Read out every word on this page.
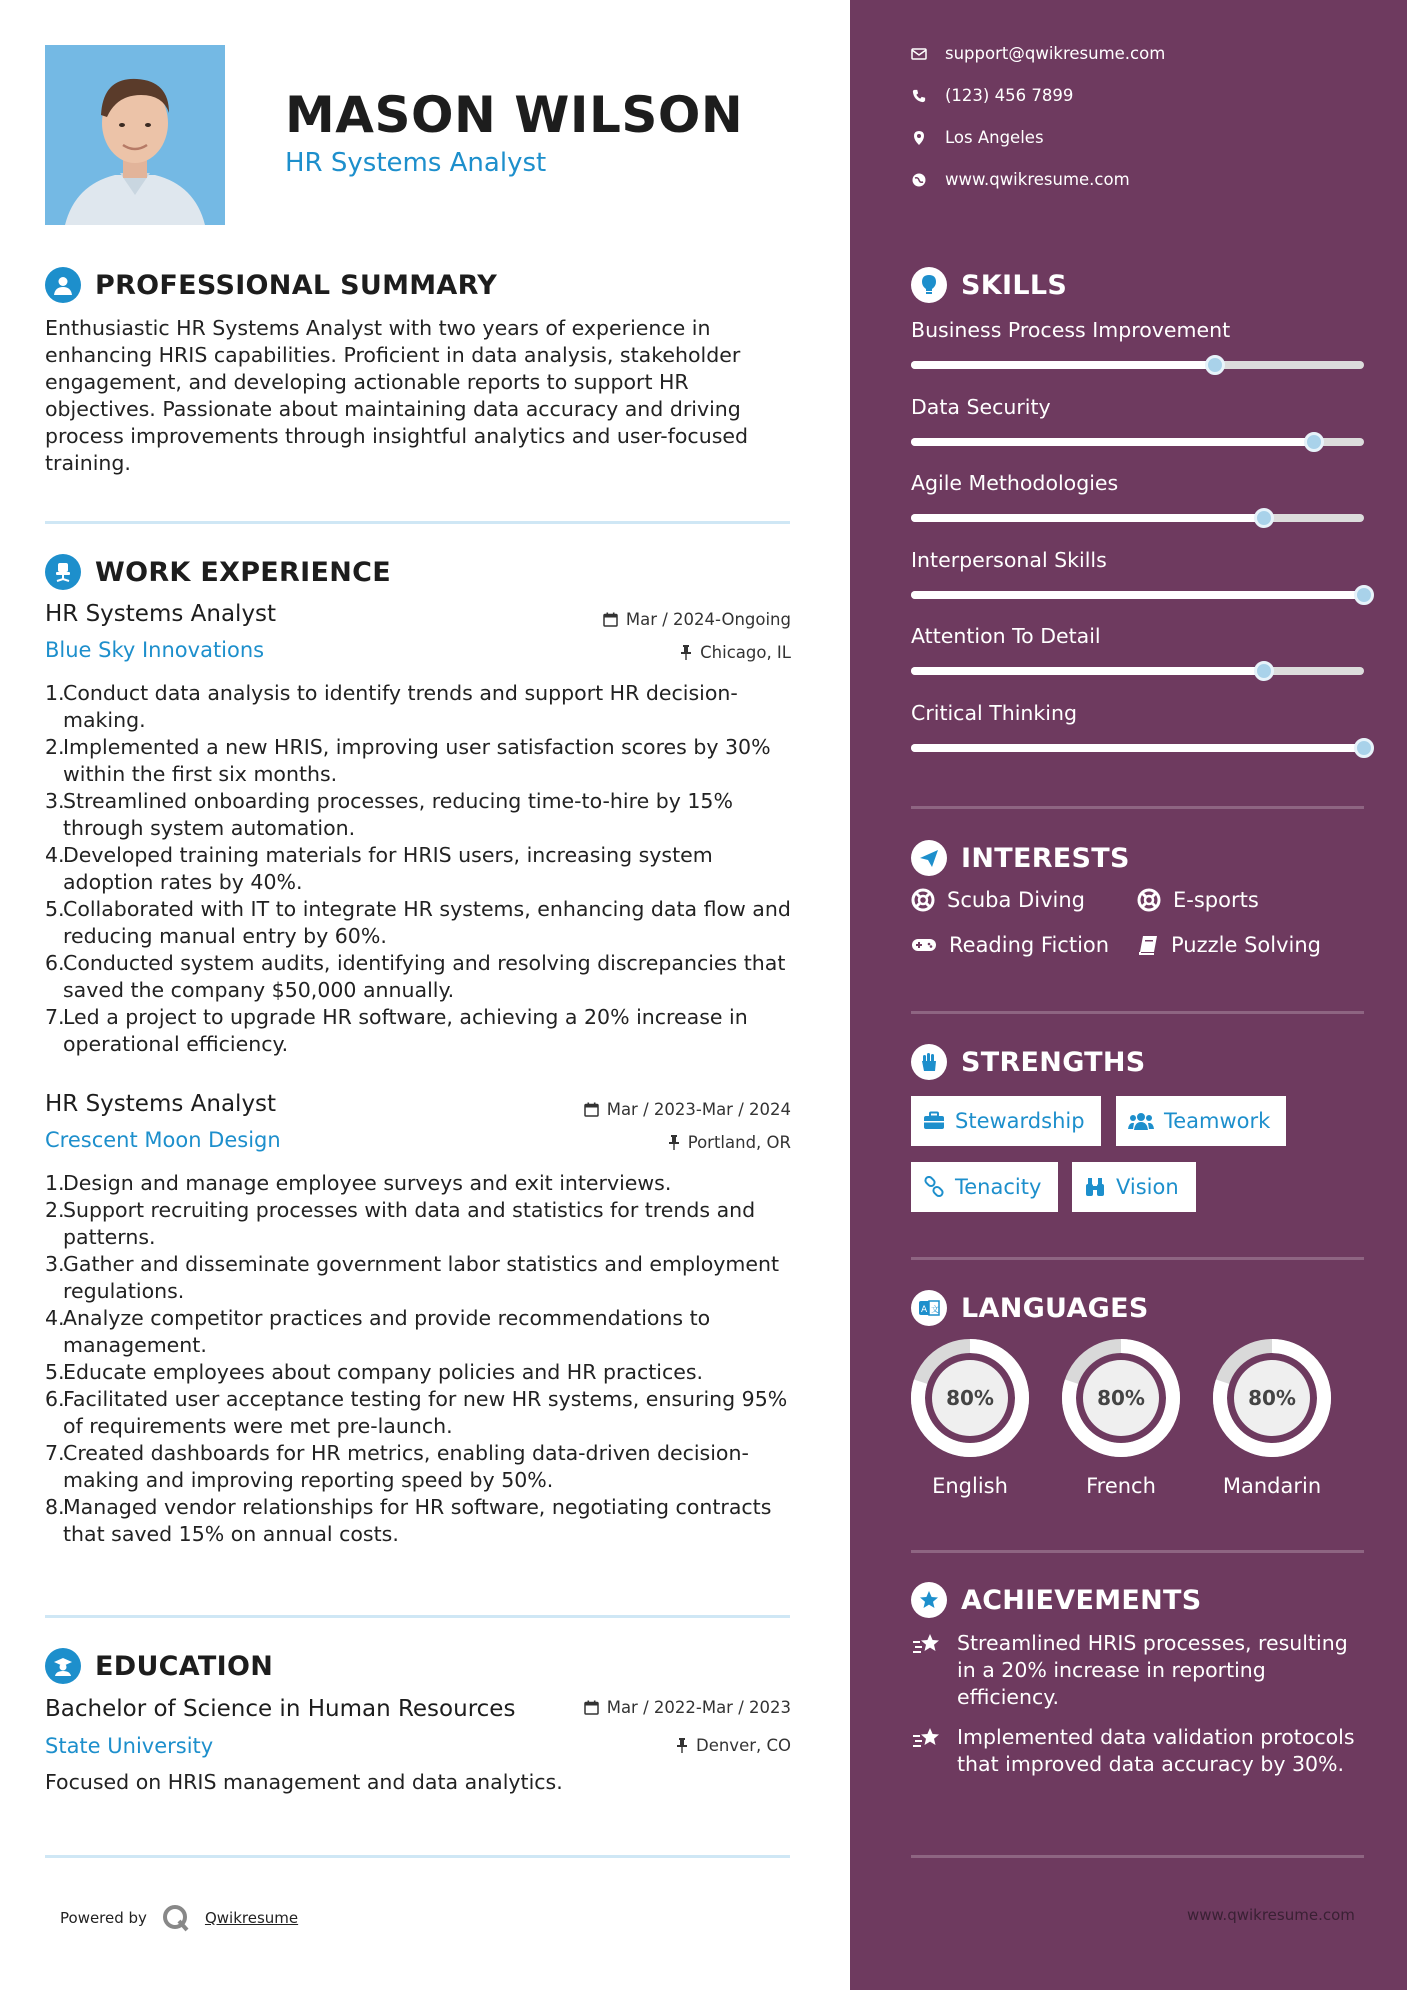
MASON WILSON
HR Systems Analyst
PROFESSIONAL SUMMARY
Enthusiastic HR Systems Analyst with two years of experience in enhancing HRIS capabilities. Proficient in data analysis, stakeholder engagement, and developing actionable reports to support HR objectives. Passionate about maintaining data accuracy and driving process improvements through insightful analytics and user-focused training.
WORK EXPERIENCE
HR Systems Analyst	Mar / 2024-Ongoing
Blue Sky Innovations	Chicago, IL
1.
Conduct data analysis to identify trends and support HR decision-making.
2.
Implemented a new HRIS, improving user satisfaction scores by 30% within the first six months.
3.
Streamlined onboarding processes, reducing time-to-hire by 15% through system automation.
4.
Developed training materials for HRIS users, increasing system adoption rates by 40%.
5.
Collaborated with IT to integrate HR systems, enhancing data flow and reducing manual entry by 60%.
6.
Conducted system audits, identifying and resolving discrepancies that saved the company $50,000 annually.
7.
Led a project to upgrade HR software, achieving a 20% increase in operational efficiency.
HR Systems Analyst	Mar / 2023-Mar / 2024
Crescent Moon Design	Portland, OR
1.
Design and manage employee surveys and exit interviews.
2.
Support recruiting processes with data and statistics for trends and patterns.
3.
Gather and disseminate government labor statistics and employment regulations.
4.
Analyze competitor practices and provide recommendations to management.
5.
Educate employees about company policies and HR practices.
6.
Facilitated user acceptance testing for new HR systems, ensuring 95% of requirements were met pre-launch.
7.
Created dashboards for HR metrics, enabling data-driven decision-making and improving reporting speed by 50%.
8.
Managed vendor relationships for HR software, negotiating contracts that saved 15% on annual costs.
EDUCATION
Bachelor of Science in Human Resources	Mar / 2022-Mar / 2023
State University	Denver, CO
Focused on HRIS management and data analytics.
Powered by	Qwikresume
support@qwikresume.com
(123) 456 7899
Los Angeles
www.qwikresume.com
SKILLS
Business Process Improvement
Data Security
Agile Methodologies
Interpersonal Skills
Attention To Detail
Critical Thinking
INTERESTS
Scuba Diving	E-sports
Reading Fiction	Puzzle Solving
STRENGTHS
Stewardship	Teamwork
Tenacity	Vision
A 文 LANGUAGES
80%
English
80%
French
80%
Mandarin
ACHIEVEMENTS
Streamlined HRIS processes, resulting in a 20% increase in reporting efficiency.
Implemented data validation protocols that improved data accuracy by 30%.
www.qwikresume.com
